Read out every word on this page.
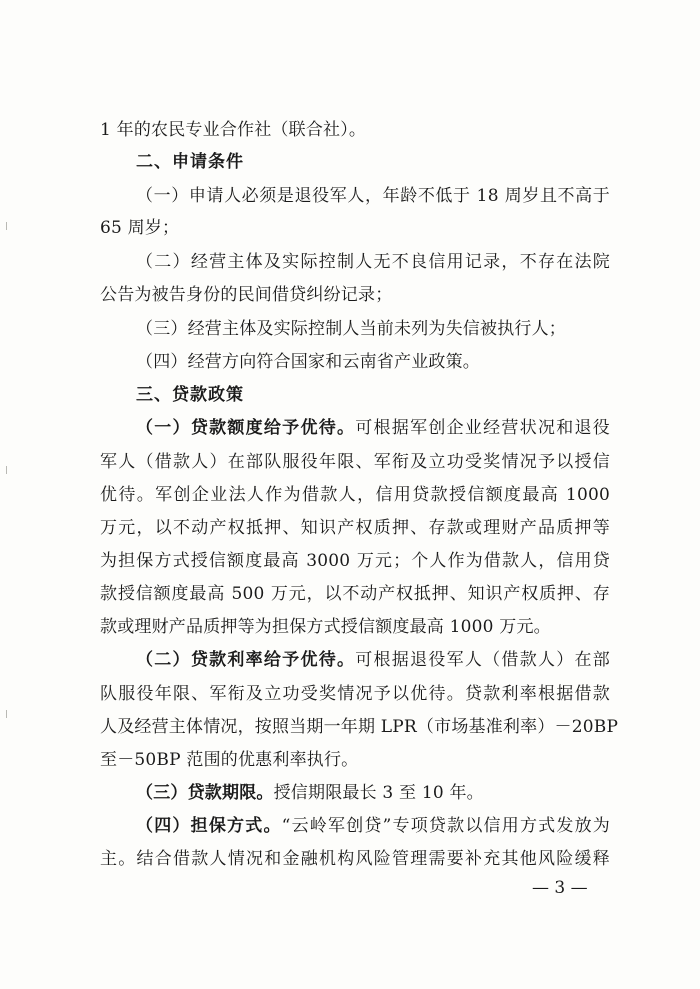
1 年的农民专业合作社（联合社）。
二、申请条件
（一）申请人必须是退役军人，年龄不低于 18 周岁且不高于
65 周岁；
（二）经营主体及实际控制人无不良信用记录，不存在法院
公告为被告身份的民间借贷纠纷记录；
（三）经营主体及实际控制人当前未列为失信被执行人；
（四）经营方向符合国家和云南省产业政策。
三、贷款政策
（一）贷款额度给予优待。可根据军创企业经营状况和退役
军人（借款人）在部队服役年限、军衔及立功受奖情况予以授信
优待。军创企业法人作为借款人，信用贷款授信额度最高 1000
万元，以不动产权抵押、知识产权质押、存款或理财产品质押等
为担保方式授信额度最高 3000 万元；个人作为借款人，信用贷
款授信额度最高 500 万元，以不动产权抵押、知识产权质押、存
款或理财产品质押等为担保方式授信额度最高 1000 万元。
（二）贷款利率给予优待。可根据退役军人（借款人）在部
队服役年限、军衔及立功受奖情况予以优待。贷款利率根据借款
人及经营主体情况，按照当期一年期 LPR（市场基准利率）－20BP
至－50BP 范围的优惠利率执行。
（三）贷款期限。授信期限最长 3 至 10 年。
（四）担保方式。“云岭军创贷”专项贷款以信用方式发放为
主。结合借款人情况和金融机构风险管理需要补充其他风险缓释
— 3 —
